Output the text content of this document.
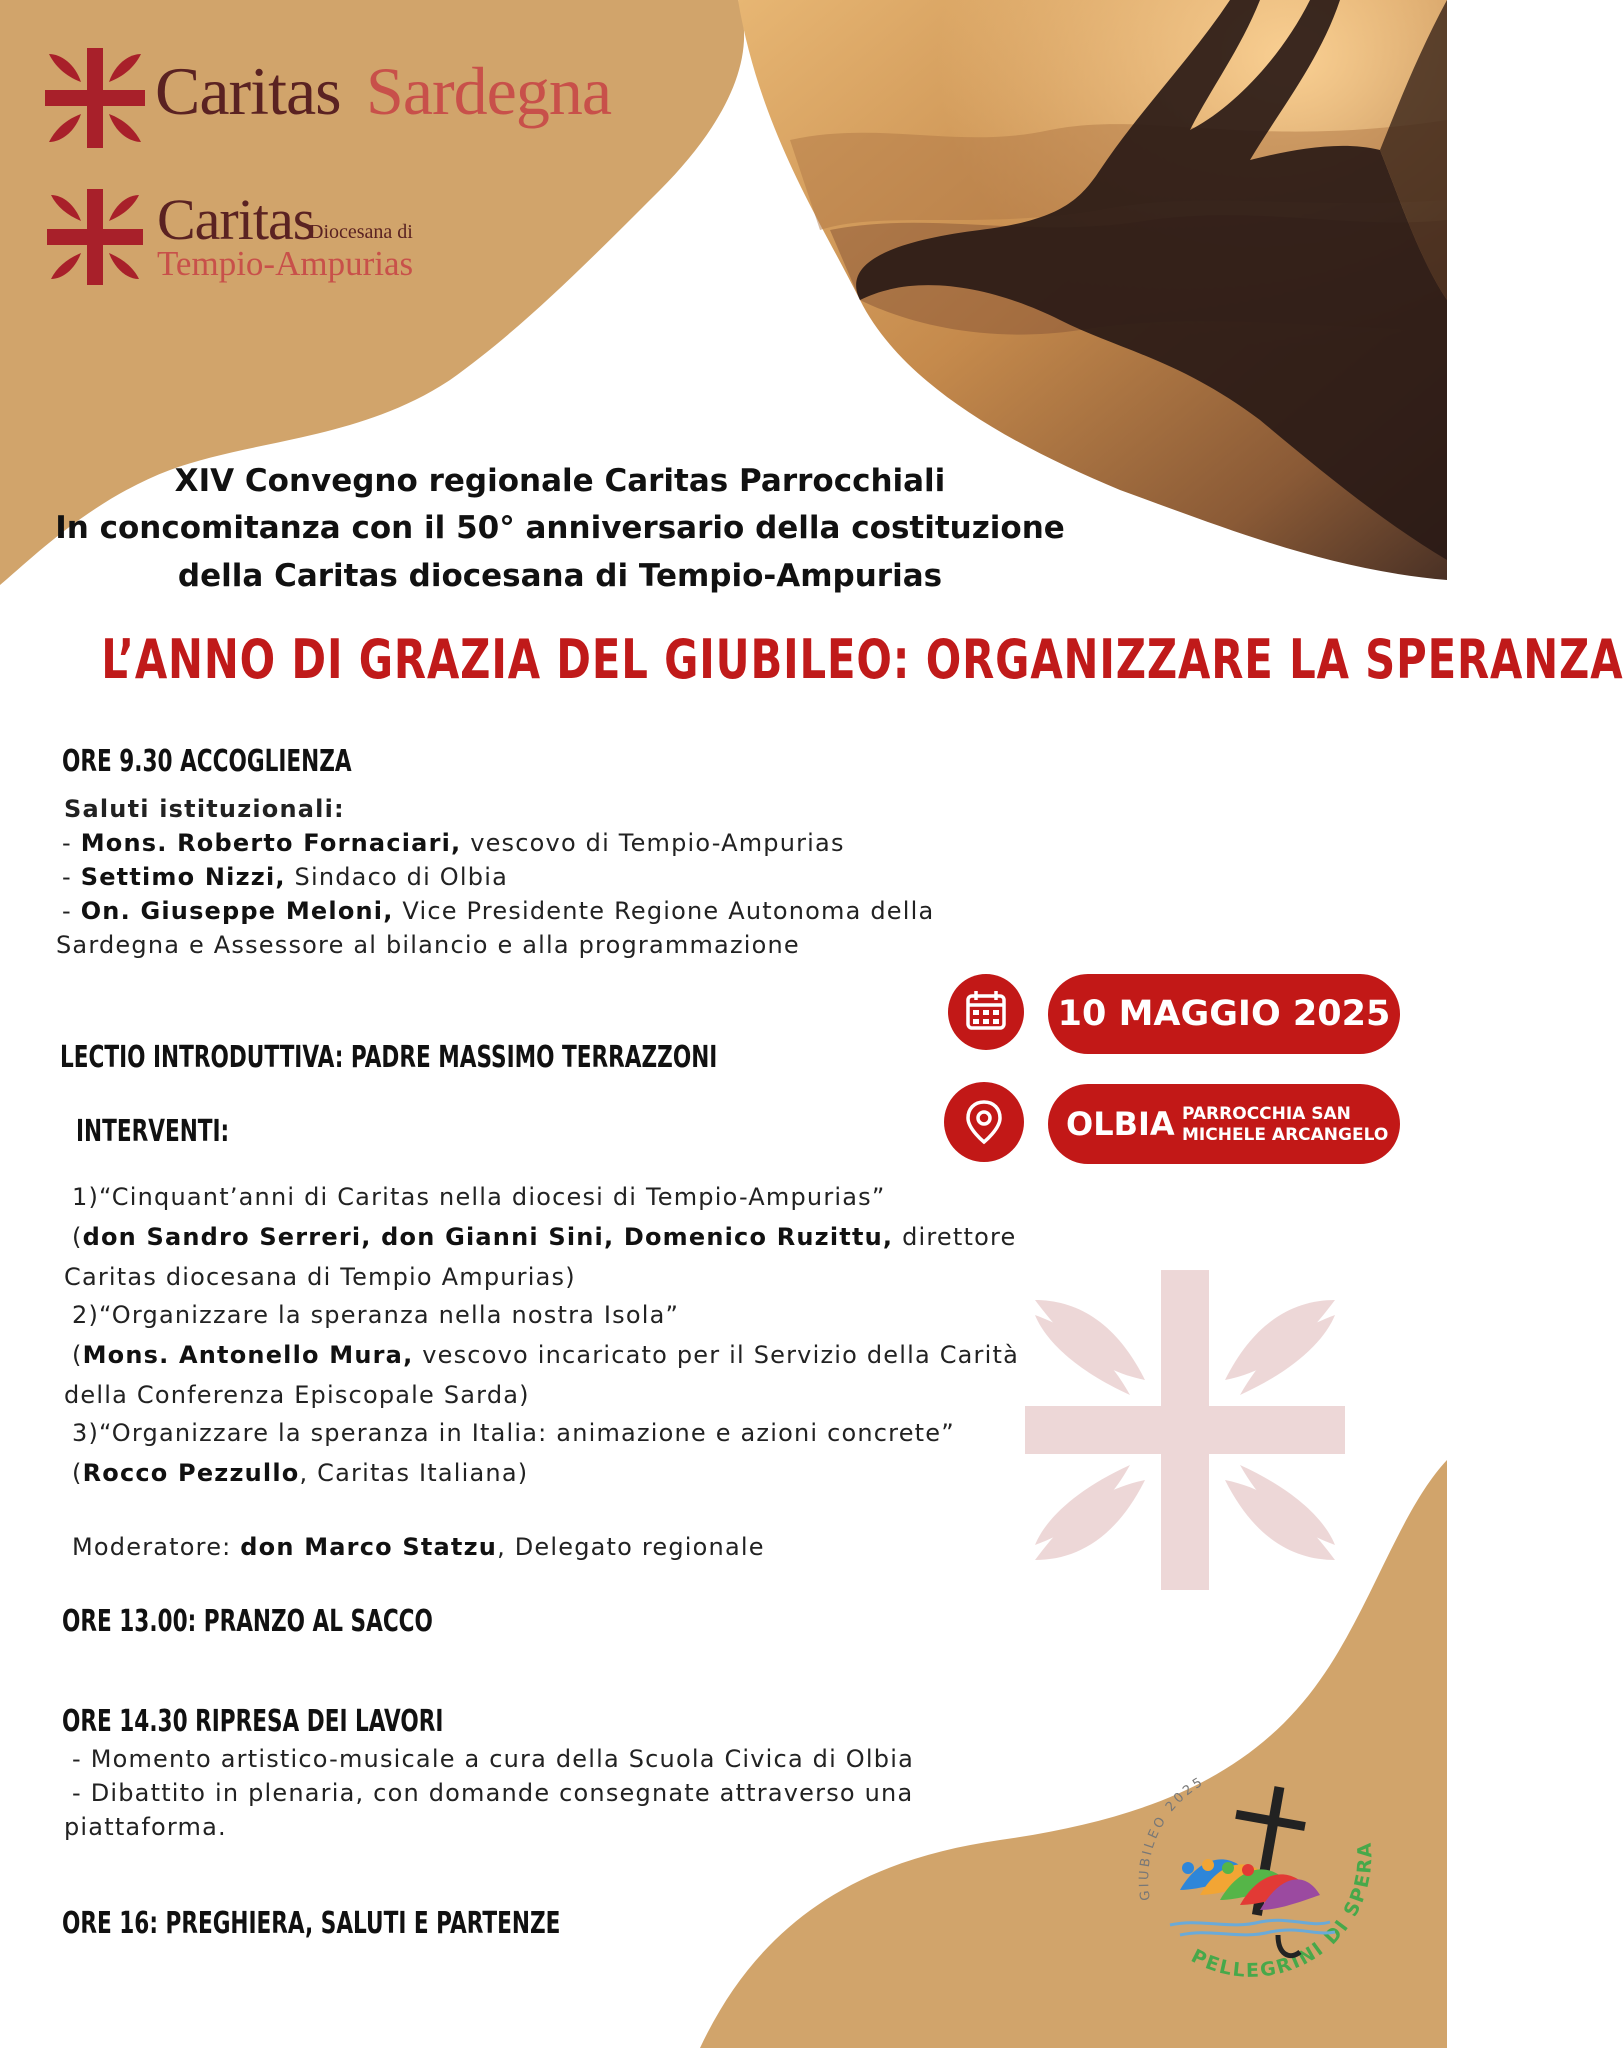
GIUBILEO 2025
PELLEGRINI DI SPERA
Caritas Sardegna
Caritas
Diocesana di
Tempio-Ampurias
XIV Convegno regionale Caritas Parrocchiali
In concomitanza con il 50° anniversario della costituzione
della Caritas diocesana di Tempio-Ampurias
L’ANNO DI GRAZIA DEL GIUBILEO: ORGANIZZARE LA SPERANZA
ORE 9.30 ACCOGLIENZA
Saluti istituzionali:
- Mons. Roberto Fornaciari, vescovo di Tempio-Ampurias
- Settimo Nizzi, Sindaco di Olbia
- On. Giuseppe Meloni, Vice Presidente Regione Autonoma della
Sardegna e Assessore al bilancio e alla programmazione
LECTIO INTRODUTTIVA: PADRE MASSIMO TERRAZZONI
INTERVENTI:
1)“Cinquant’anni di Caritas nella diocesi di Tempio-Ampurias”
(don Sandro Serreri, don Gianni Sini, Domenico Ruzittu, direttore
Caritas diocesana di Tempio Ampurias)
2)“Organizzare la speranza nella nostra Isola”
(Mons. Antonello Mura, vescovo incaricato per il Servizio della Carità
della Conferenza Episcopale Sarda)
3)“Organizzare la speranza in Italia: animazione e azioni concrete”
(Rocco Pezzullo, Caritas Italiana)
Moderatore: don Marco Statzu, Delegato regionale
ORE 13.00: PRANZO AL SACCO
ORE 14.30 RIPRESA DEI LAVORI
- Momento artistico-musicale a cura della Scuola Civica di Olbia
- Dibattito in plenaria, con domande consegnate attraverso una
piattaforma.
ORE 16: PREGHIERA, SALUTI E PARTENZE
10 MAGGIO 2025
OLBIA PARROCCHIA SAN
MICHELE ARCANGELO
